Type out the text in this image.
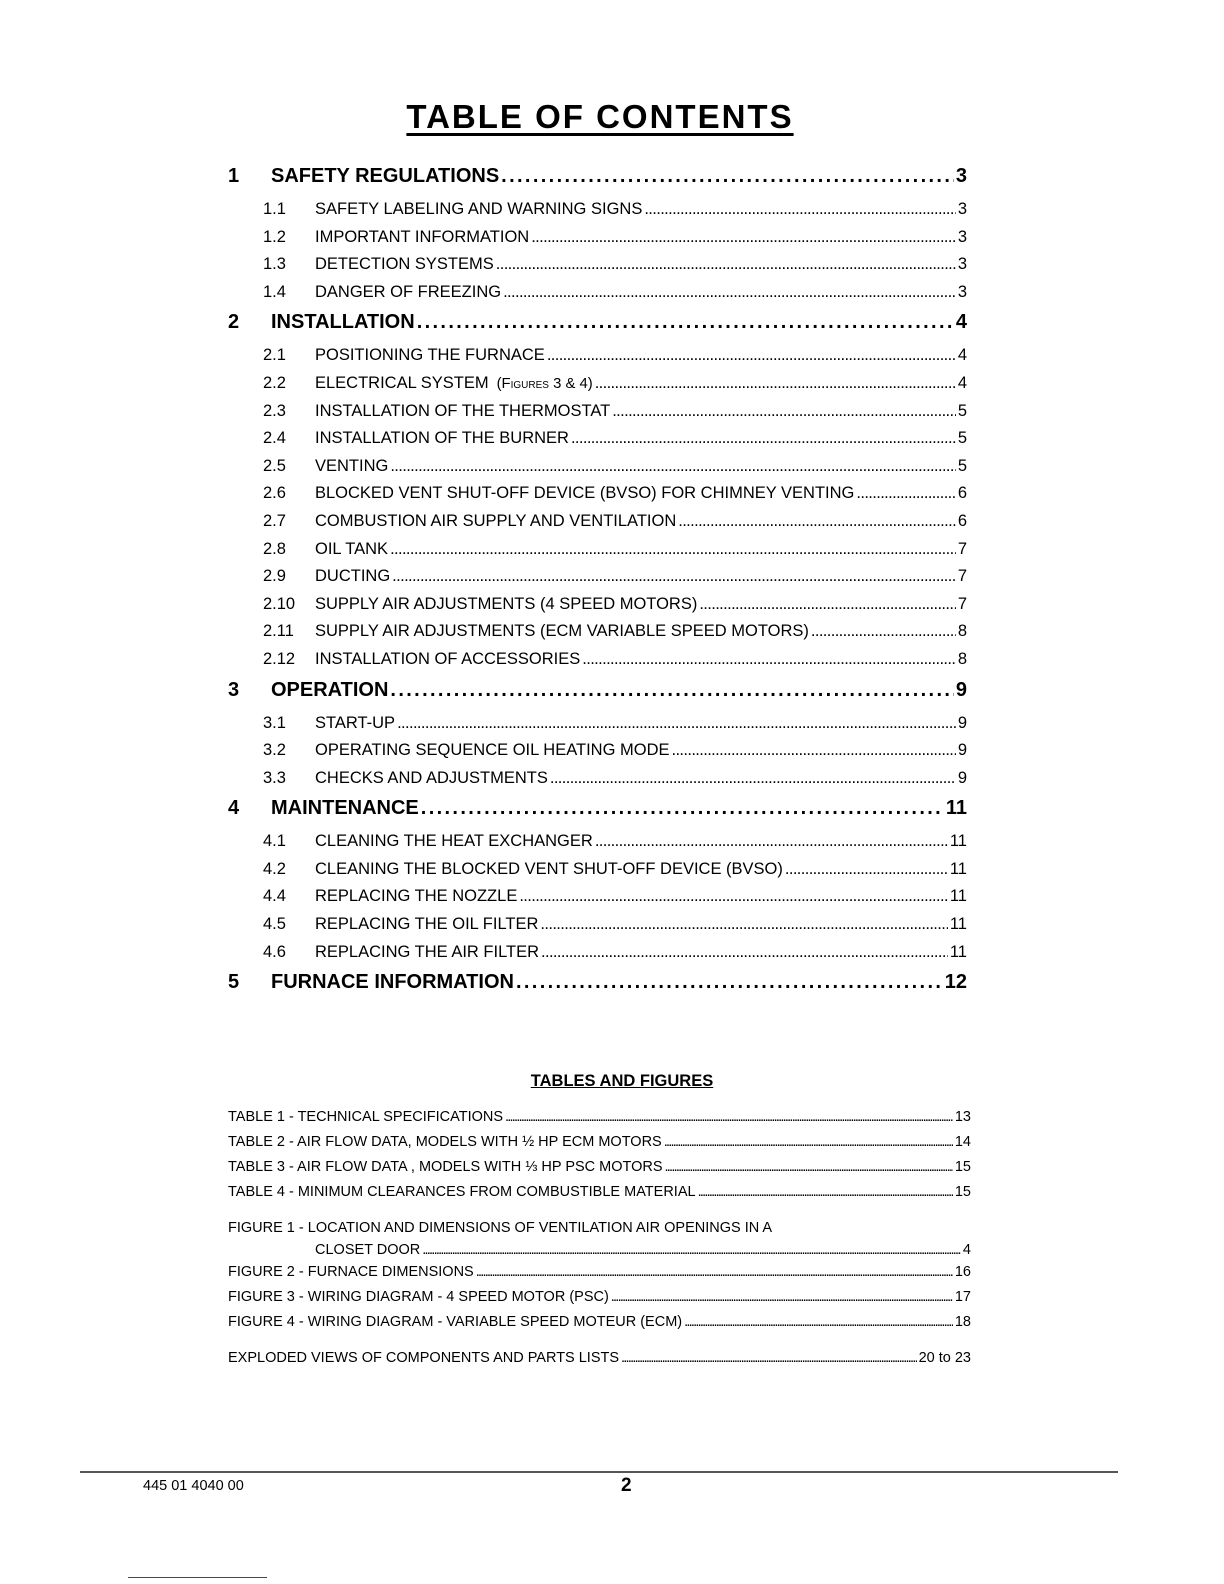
TABLE OF CONTENTS
1	SAFETY REGULATIONS . . .	3
1.1	SAFETY LABELING AND WARNING SIGNS . . .	3
1.2	IMPORTANT INFORMATION . . .	3
1.3	DETECTION SYSTEMS . . .	3
1.4	DANGER OF FREEZING . . .	3
2	INSTALLATION . . .	4
2.1	POSITIONING THE FURNACE . . .	4
2.2	ELECTRICAL SYSTEM (Figures 3 & 4) . . .	4
2.3	INSTALLATION OF THE THERMOSTAT . . .	5
2.4	INSTALLATION OF THE BURNER . . .	5
2.5	VENTING . . .	5
2.6	BLOCKED VENT SHUT-OFF DEVICE (BVSO) FOR CHIMNEY VENTING . . .	6
2.7	COMBUSTION AIR SUPPLY AND VENTILATION . . .	6
2.8	OIL TANK . . .	7
2.9	DUCTING . . .	7
2.10	SUPPLY AIR ADJUSTMENTS (4 SPEED MOTORS) . . .	7
2.11	SUPPLY AIR ADJUSTMENTS (ECM VARIABLE SPEED MOTORS) . . .	8
2.12	INSTALLATION OF ACCESSORIES . . .	8
3	OPERATION . . .	9
3.1	START-UP . . .	9
3.2	OPERATING SEQUENCE OIL HEATING MODE . . .	9
3.3	CHECKS AND ADJUSTMENTS . . .	9
4	MAINTENANCE . . .	11
4.1	CLEANING THE HEAT EXCHANGER . . .	11
4.2	CLEANING THE BLOCKED VENT SHUT-OFF DEVICE (BVSO) . . .	11
4.4	REPLACING THE NOZZLE . . .	11
4.5	REPLACING THE OIL FILTER . . .	11
4.6	REPLACING THE AIR FILTER . . .	11
5	FURNACE INFORMATION . . .	12
TABLES AND FIGURES
TABLE 1 - TECHNICAL SPECIFICATIONS . . .	13
TABLE 2 - AIR FLOW DATA, MODELS WITH ½ HP ECM MOTORS . . .	14
TABLE 3 - AIR FLOW DATA , MODELS WITH ⅓ HP PSC MOTORS . . .	15
TABLE 4 - MINIMUM CLEARANCES FROM COMBUSTIBLE MATERIAL . . .	15
FIGURE 1 - LOCATION AND DIMENSIONS OF VENTILATION AIR OPENINGS IN A
CLOSET DOOR . . .	4
FIGURE 2 - FURNACE DIMENSIONS . . .	16
FIGURE 3 - WIRING DIAGRAM - 4 SPEED MOTOR (PSC) . . .	17
FIGURE 4 - WIRING DIAGRAM - VARIABLE SPEED MOTEUR (ECM) . . .	18
EXPLODED VIEWS OF COMPONENTS AND PARTS LISTS . . .	20 to 23
445 01 4040 00	2
